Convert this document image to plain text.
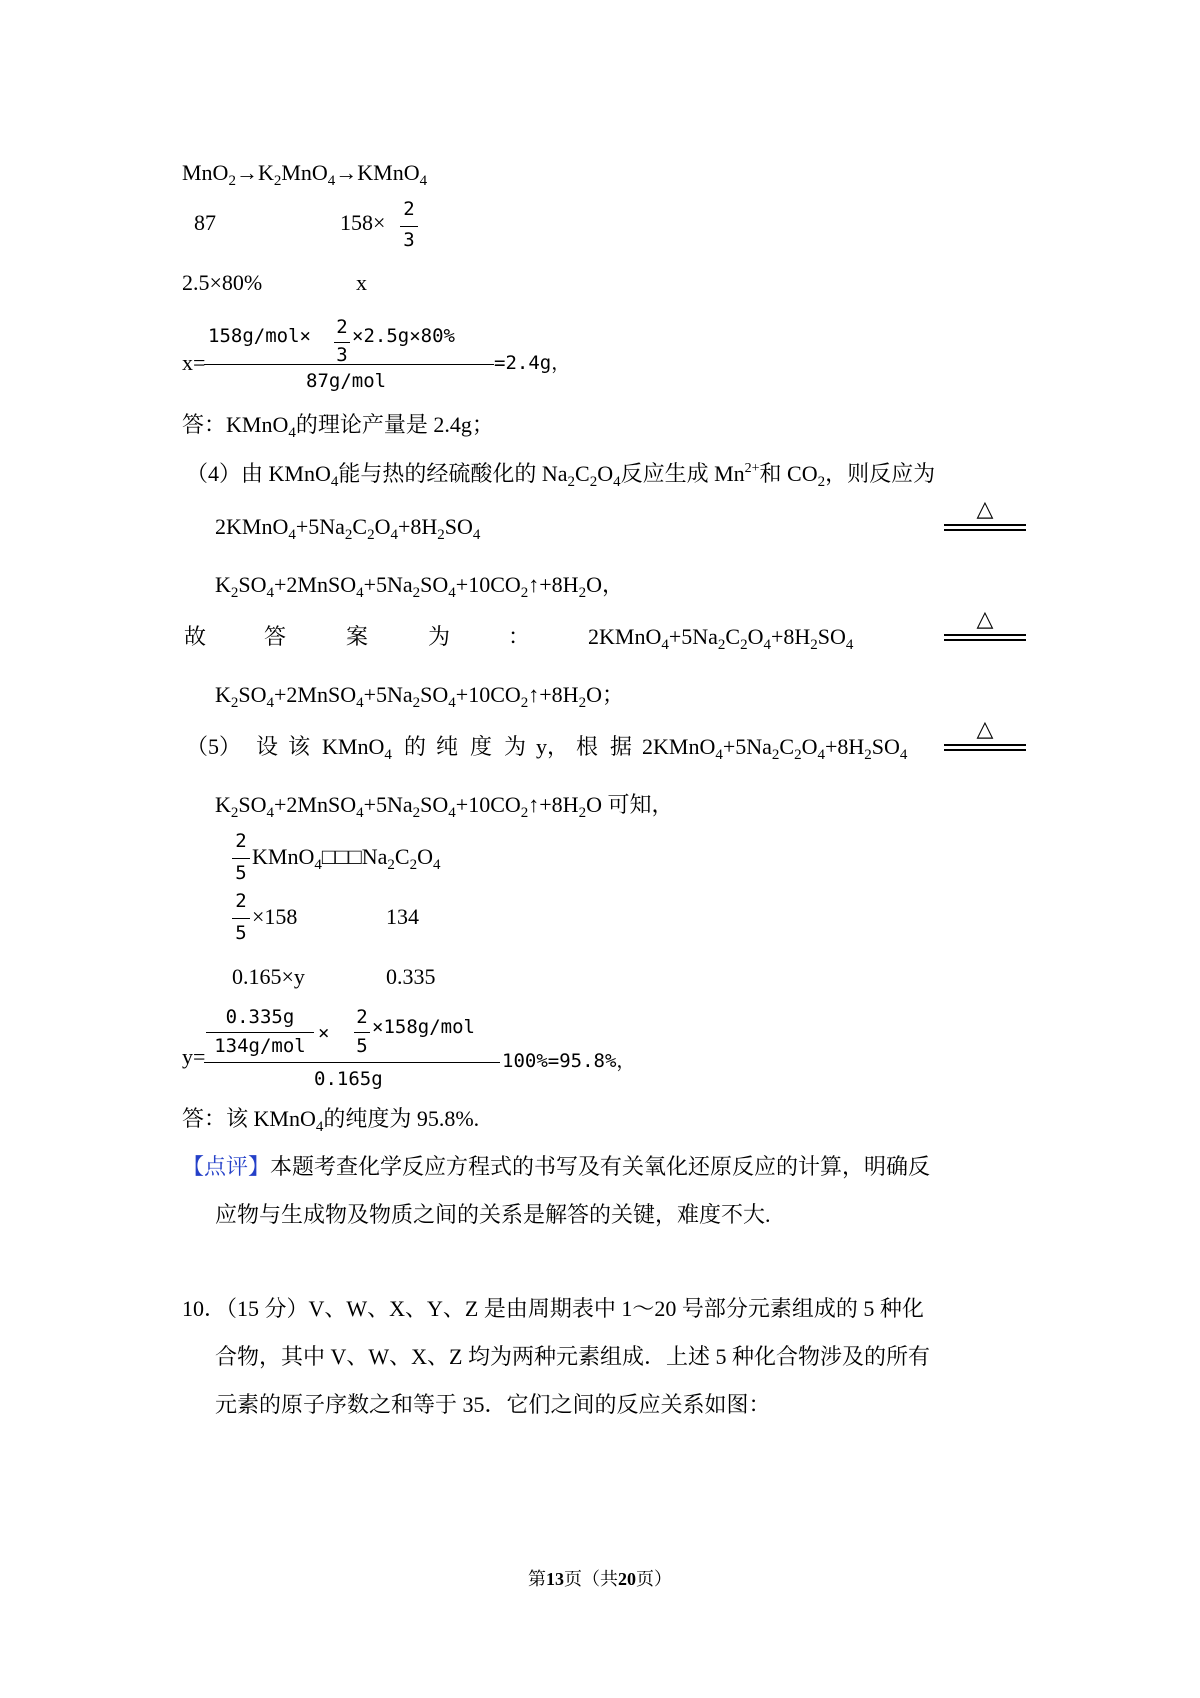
$MnO_2\to K_2MnO_4\to KMnO_4$
87	158×
2
3
2.5×80%	x
x=
158g/mol× 2
3
×2.5g×80%
87g/mol
=2.4g，
答：KMnO$_4$的理论产量是 2.4g；
（4）由 KMnO$_4$能与热的经硫酸化的 $Na_2C_2O_4$反应生成 $Mn^{2+}$和 $CO_2$，则反应为
$2KMnO_4+5Na_2C_2O_4+8H_2SO_4$
△
$K_2SO_4+2MnSO_4+5Na_2SO_4+10CO_2↑+8H_2O$，
故	答	案	为	：	$2KMnO_4+5Na_2C_2O_4+8H_2SO_4$
△
$K_2SO_4+2MnSO_4+5Na_2SO_4+10CO_2↑+8H_2O$；
（5） 设 该 KMnO$_4$ 的 纯 度 为 y， 根 据 $2KMnO_4+5Na_2C_2O_4+8H_2SO_4$
△
$K_2SO_4+2MnSO_4+5Na_2SO_4+10CO_2↑+8H_2O$ 可知，
2
5
$KMnO_4□□□Na_2C_2O_4$
2
5
×158	134
0.165×y	0.335
y=
0.335g
134g/mol
×
2
5
×158g/mol
0.165g
100%=95.8%，
答：该 KMnO$_4$的纯度为 95.8%.
【点评】本题考查化学反应方程式的书写及有关氧化还原反应的计算，明确反
应物与生成物及物质之间的关系是解答的关键，难度不大.
10．（15 分）V、W、X、Y、Z 是由周期表中 1～20 号部分元素组成的 5 种化
合物，其中 V、W、X、Z 均为两种元素组成．上述 5 种化合物涉及的所有
元素的原子序数之和等于 35．它们之间的反应关系如图：
第13页（共20页）
